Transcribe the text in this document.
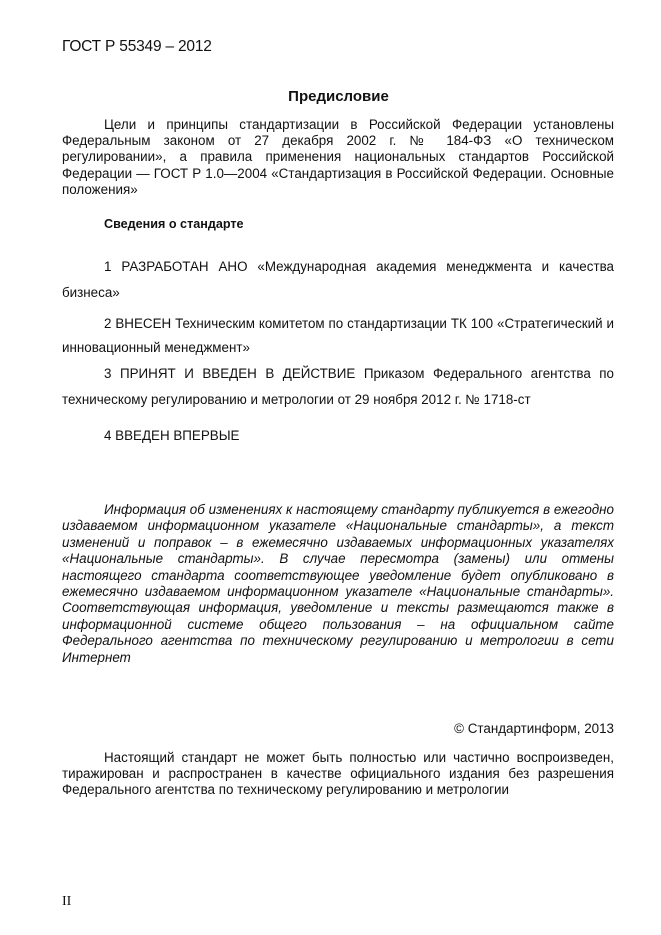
ГОСТ Р 55349 – 2012
Предисловие
Цели и принципы стандартизации в Российской Федерации установлены Федеральным законом от 27 декабря 2002 г. № 184-ФЗ «О техническом регулировании», а правила применения национальных стандартов Российской Федерации — ГОСТ Р 1.0—2004 «Стандартизация в Российской Федерации. Основные положения»
Сведения о стандарте
1 РАЗРАБОТАН АНО «Международная академия менеджмента и качества бизнеса»
2 ВНЕСЕН Техническим комитетом по стандартизации ТК 100 «Стратегический и инновационный менеджмент»
3 ПРИНЯТ И ВВЕДЕН В ДЕЙСТВИЕ Приказом Федерального агентства по техническому регулированию и метрологии от 29 ноября 2012 г. № 1718-ст
4 ВВЕДЕН ВПЕРВЫЕ
Информация об изменениях к настоящему стандарту публикуется в ежегодно издаваемом информационном указателе «Национальные стандарты», а текст изменений и поправок – в ежемесячно издаваемых информационных указателях «Национальные стандарты». В случае пересмотра (замены) или отмены настоящего стандарта соответствующее уведомление будет опубликовано в ежемесячно издаваемом информационном указателе «Национальные стандарты». Соответствующая информация, уведомление и тексты размещаются также в информационной системе общего пользования – на официальном сайте Федерального агентства по техническому регулированию и метрологии в сети Интернет
© Стандартинформ, 2013
Настоящий стандарт не может быть полностью или частично воспроизведен, тиражирован и распространен в качестве официального издания без разрешения Федерального агентства по техническому регулированию и метрологии
II
